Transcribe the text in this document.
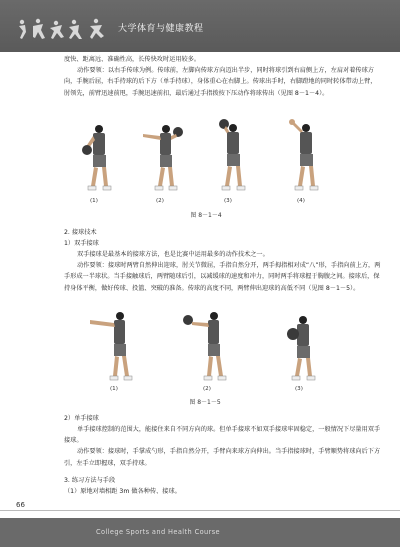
大学体育与健康教程

度快、距离远、准确性高，长传快攻时运用较多。

动作要领：以右手传球为例。传球前，左脚向传球方向迈出半步，同时将球引到右肩侧上方，左肩对着传球方向，手腕后屈，右手持球的后下方（单手持球），身体重心在右脚上。传球出手时，右脚蹬地的同时转体带动上臂，肘领先，前臂迅速前甩，手腕迅速前扣，最后通过手指拨按下压动作将球传出（见图 8－1－4）。

(1)	(2)	(3)	(4)
图 8－1－4
2. 接球技术
1）双手接球

双手接球是最基本的接球方法，也是比赛中运用最多的动作技术之一。

动作要领：接球时两臂自然伸出迎球，肘关节微屈，手指自然分开，两手拇指相对成“八”形，手指向前上方，两手形成一半球状。当手接触球后，两臂随球后引，以减缓球的速度和冲力，同时两手将球握于胸腹之间。接球后，保持身体平衡，做好传球、投篮、突破的准备。传球的高度不同，两臂伸出迎球的高低不同（见图 8－1－5）。

(1)	(2)	(3)
图 8－1－5
2）单手接球

单手接球控制的范围大，能接住来自不同方向的球。但单手接球不如双手接球牢固稳定，一般情况下尽量用双手接球。

动作要领：接球时，手掌成勺形，手指自然分开，手臂向来球方向伸出。当手指接球时，手臂顺势将球向后下方引，左手立即握球，双手持球。

3. 练习方法与手段
（1）原地对墙相距 3m 做各种传、接球。
66
College Sports and Health Course
